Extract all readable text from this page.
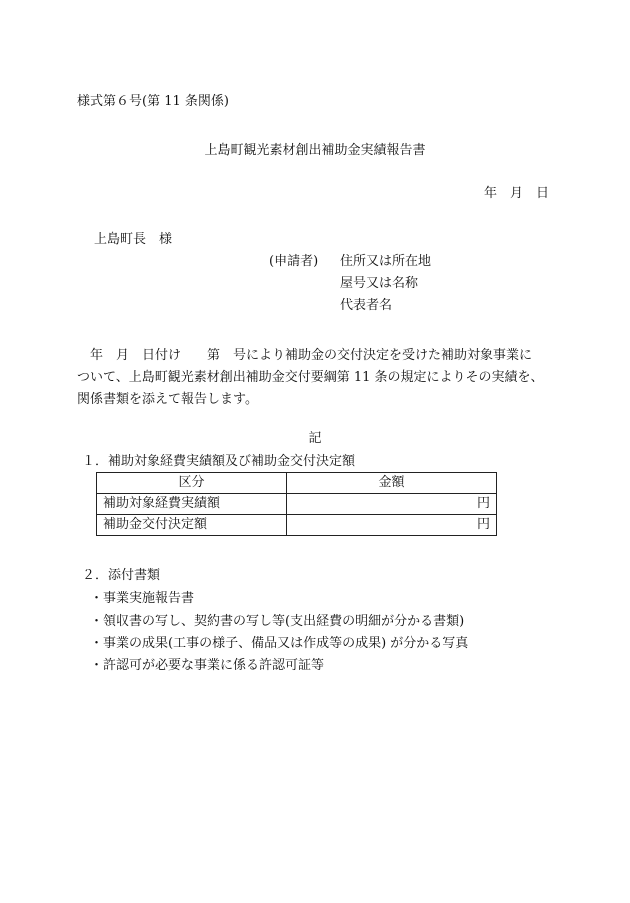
様式第６号(第 11 条関係)
上島町観光素材創出補助金実績報告書
年　月　日
上島町長　様
(申請者) 住所又は所在地
屋号又は名称
代表者名
年　月　日付け　　第　号により補助金の交付決定を受けた補助対象事業に
ついて、上島町観光素材創出補助金交付要綱第 11 条の規定によりその実績を、
関係書類を添えて報告します。
記
１．補助対象経費実績額及び補助金交付決定額
区分	金額
補助対象経費実績額	円
補助金交付決定額	円
２．添付書類
・事業実施報告書
・領収書の写し、契約書の写し等(支出経費の明細が分かる書類)
・事業の成果(工事の様子、備品又は作成等の成果) が分かる写真
・許認可が必要な事業に係る許認可証等
